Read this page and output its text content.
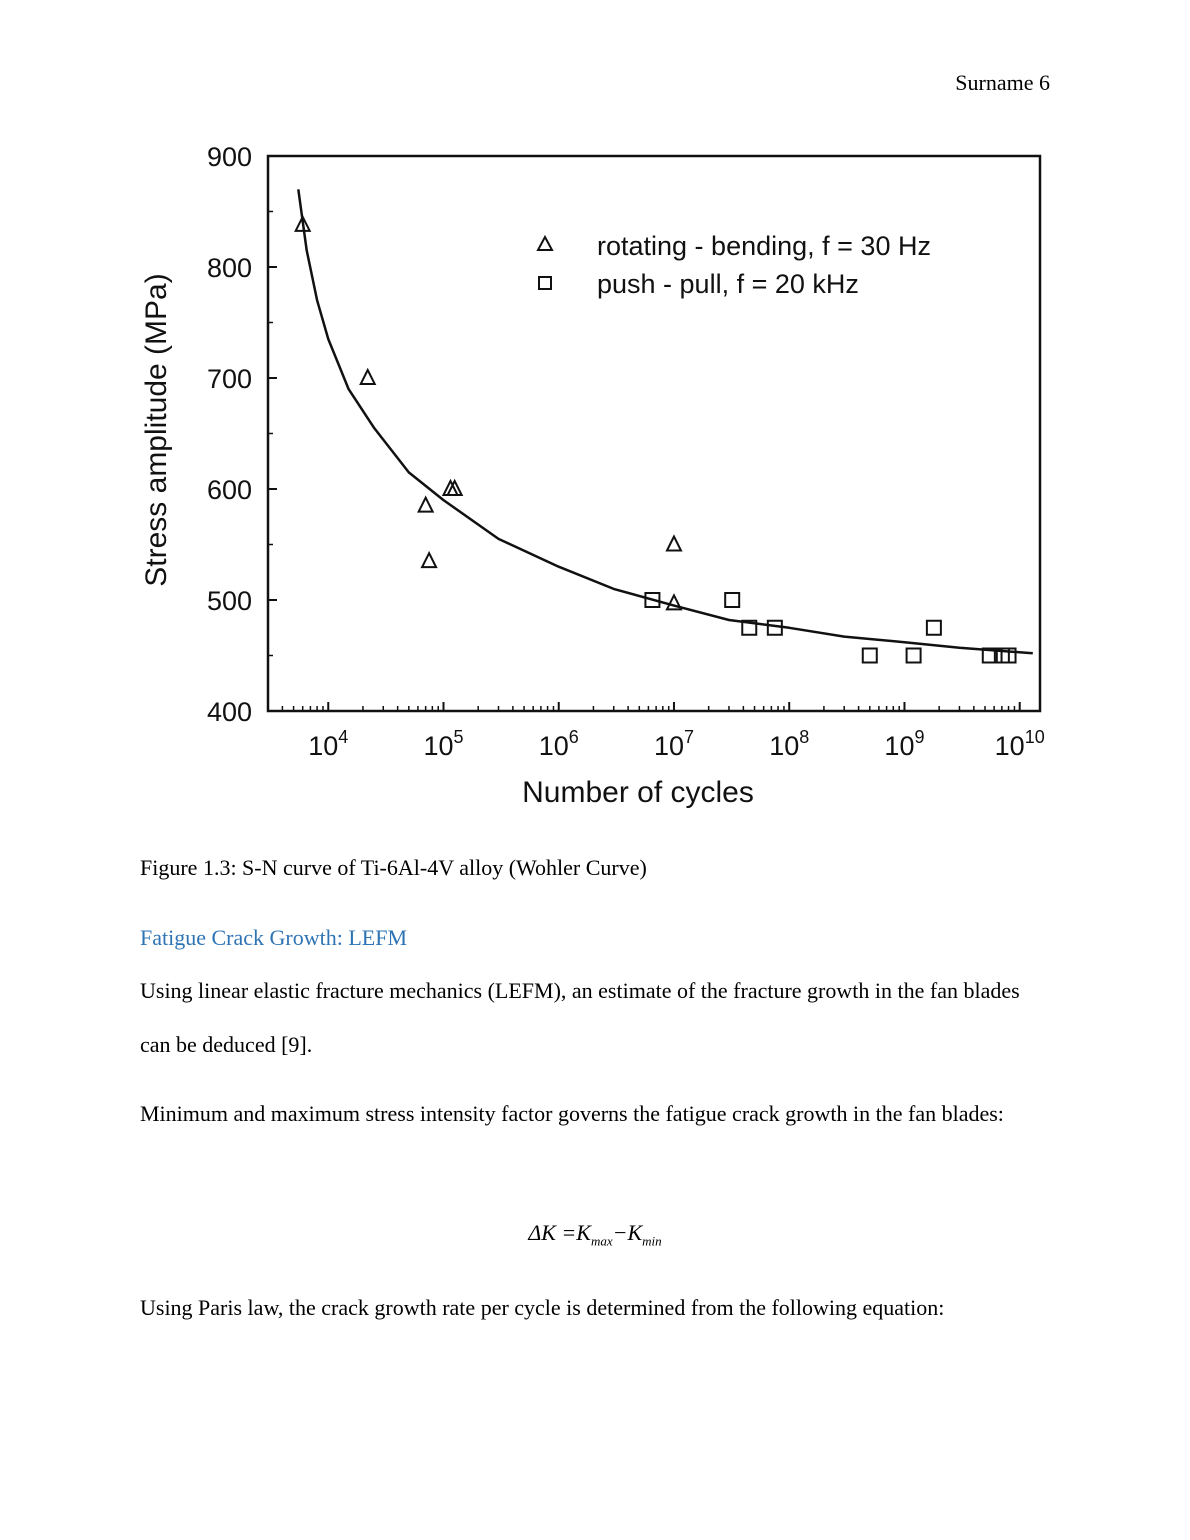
Surname 6
400
500
600
700
800
900
$10^4$	$10^5$	$10^6$	$10^7$	$10^8$	$10^9$	$10^{10}$
Number of cycles
Stress amplitude (MPa)
rotating - bending, f = 30 Hz
push - pull, f = 20 kHz
Figure 1.3: S-N curve of Ti-6Al-4V alloy (Wohler Curve)
Fatigue Crack Growth: LEFM
Using linear elastic fracture mechanics (LEFM), an estimate of the fracture growth in the fan blades can be deduced [9].
Minimum and maximum stress intensity factor governs the fatigue crack growth in the fan blades:
$\Delta K =K_{max}-K_{min}$
Using Paris law, the crack growth rate per cycle is determined from the following equation:
